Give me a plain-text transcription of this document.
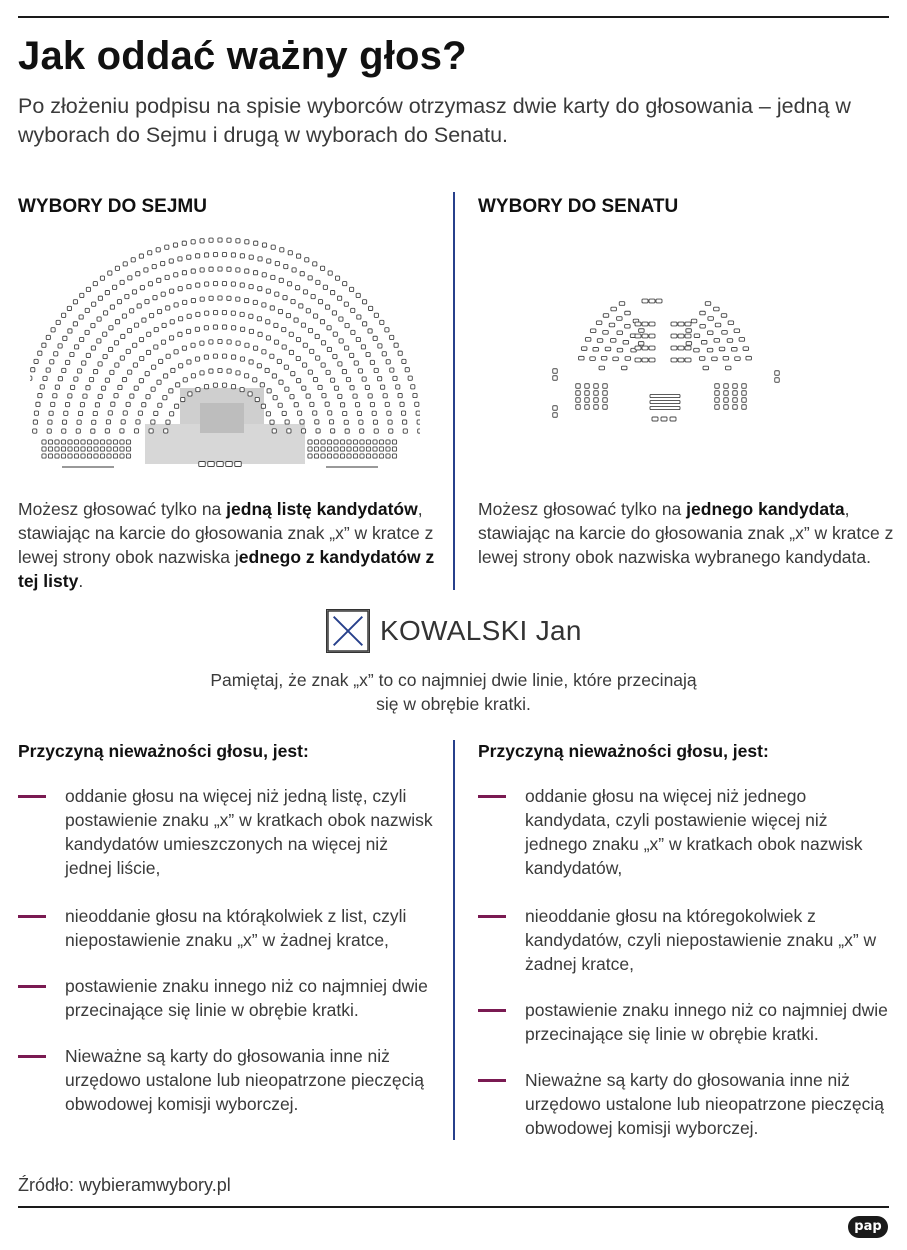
Jak oddać ważny głos?

Po złożeniu podpisu na spisie wyborców otrzymasz dwie karty do głosowania – jedną w wyborach do Sejmu i drugą w wyborach do Senatu.

WYBORY DO SEJMU	WYBORY DO SENATU

Możesz głosować tylko na jedną listę kandydatów, stawiając na karcie do głosowania znak „x” w kratce z lewej strony obok nazwiska jednego z kandydatów z tej listy.

Możesz głosować tylko na jednego kandydata, stawiając na karcie do głosowania znak „x” w kratce z lewej strony obok nazwiska wybranego kandydata.

KOWALSKI Jan

Pamiętaj, że znak „x” to co najmniej dwie linie, które przecinają się w obrębie kratki.

Przyczyną nieważności głosu, jest:	Przyczyną nieważności głosu, jest:
oddanie głosu na więcej niż jedną listę, czyli postawienie znaku „x” w kratkach obok nazwisk kandydatów umieszczonych na więcej niż jednej liście,
nieoddanie głosu na którąkolwiek z list, czyli niepostawienie znaku „x” w żadnej kratce,
postawienie znaku innego niż co najmniej dwie przecinające się linie w obrębie kratki.
Nieważne są karty do głosowania inne niż urzędowo ustalone lub nieopatrzone pieczęcią obwodowej komisji wyborczej.
oddanie głosu na więcej niż jednego kandydata, czyli postawienie więcej niż jednego znaku „x” w kratkach obok nazwisk kandydatów,
nieoddanie głosu na któregokolwiek z kandydatów, czyli niepostawienie znaku „x” w żadnej kratce,
postawienie znaku innego niż co najmniej dwie przecinające się linie w obrębie kratki.
Nieważne są karty do głosowania inne niż urzędowo ustalone lub nieopatrzone pieczęcią obwodowej komisji wyborczej.

Źródło: wybieramwybory.pl

pap
